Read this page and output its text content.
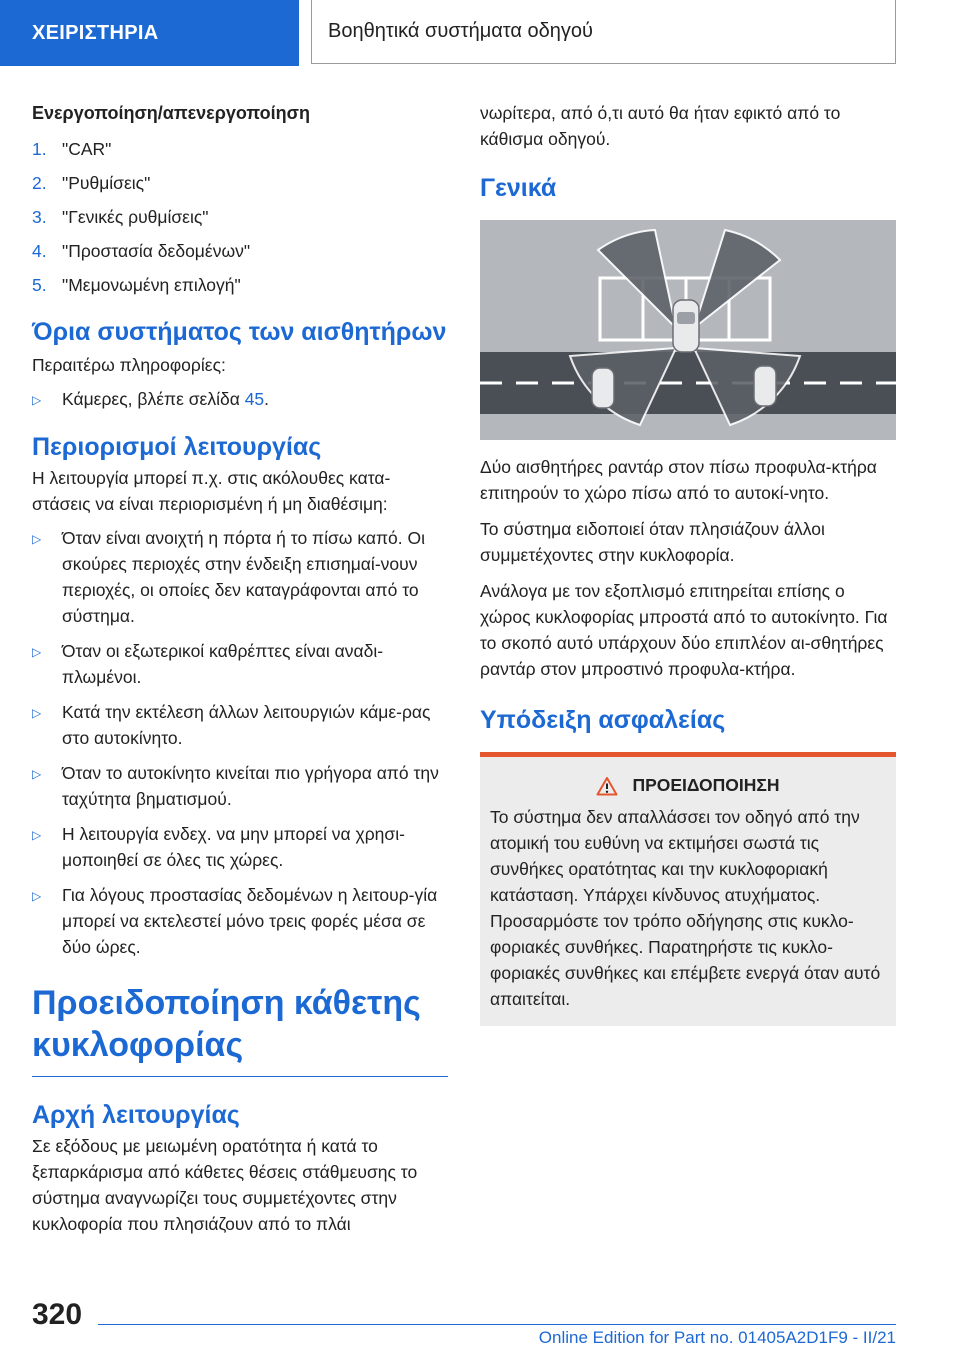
ΧΕΙΡΙΣΤΗΡΙΑ	Βοηθητικά συστήματα οδηγού

Ενεργοποίηση/απενεργοποίηση

1. "CAR"
2. "Ρυθμίσεις"
3. "Γενικές ρυθμίσεις"
4. "Προστασία δεδομένων"
5. "Μεμονωμένη επιλογή"

Όρια συστήματος των αισθητήρων

Περαιτέρω πληροφορίες:

▷	Κάμερες, βλέπε σελίδα 45.

Περιορισμοί λειτουργίας

Η λειτουργία μπορεί π.χ. στις ακόλουθες κατα-στάσεις να είναι περιορισμένη ή μη διαθέσιμη:

▷	Όταν είναι ανοιχτή η πόρτα ή το πίσω καπό. Οι σκούρες περιοχές στην ένδειξη επισημαί-νουν περιοχές, οι οποίες δεν καταγράφονται από το σύστημα.
▷	Όταν οι εξωτερικοί καθρέπτες είναι αναδι-πλωμένοι.
▷	Κατά την εκτέλεση άλλων λειτουργιών κάμε-ρας στο αυτοκίνητο.
▷	Όταν το αυτοκίνητο κινείται πιο γρήγορα από την ταχύτητα βηματισμού.
▷	Η λειτουργία ενδεχ. να μην μπορεί να χρησι-μοποιηθεί σε όλες τις χώρες.
▷	Για λόγους προστασίας δεδομένων η λειτουρ-γία μπορεί να εκτελεστεί μόνο τρεις φορές μέσα σε δύο ώρες.

Προειδοποίηση κάθετης κυκλοφορίας

Αρχή λειτουργίας

Σε εξόδους με μειωμένη ορατότητα ή κατά το ξεπαρκάρισμα από κάθετες θέσεις στάθμευσης το σύστημα αναγνωρίζει τους συμμετέχοντες στην κυκλοφορία που πλησιάζουν από το πλάι

νωρίτερα, από ό,τι αυτό θα ήταν εφικτό από το κάθισμα οδηγού.

Γενικά

Δύο αισθητήρες ραντάρ στον πίσω προφυλα-κτήρα επιτηρούν το χώρο πίσω από το αυτοκί-νητο.

Το σύστημα ειδοποιεί όταν πλησιάζουν άλλοι συμμετέχοντες στην κυκλοφορία.

Ανάλογα με τον εξοπλισμό επιτηρείται επίσης ο χώρος κυκλοφορίας μπροστά από το αυτοκίνητο. Για το σκοπό αυτό υπάρχουν δύο επιπλέον αι-σθητήρες ραντάρ στον μπροστινό προφυλα-κτήρα.

Υπόδειξη ασφαλείας

ΠΡΟΕΙΔΟΠΟΙΗΣΗ
Το σύστημα δεν απαλλάσσει τον οδηγό από την ατομική του ευθύνη να εκτιμήσει σωστά τις συνθήκες ορατότητας και την κυκλοφοριακή κατάσταση. Υπάρχει κίνδυνος ατυχήματος. Προσαρμόστε τον τρόπο οδήγησης στις κυκλο-φοριακές συνθήκες. Παρατηρήστε τις κυκλο-φοριακές συνθήκες και επέμβετε ενεργά όταν αυτό απαιτείται.
320
Online Edition for Part no. 01405A2D1F9 - II/21
